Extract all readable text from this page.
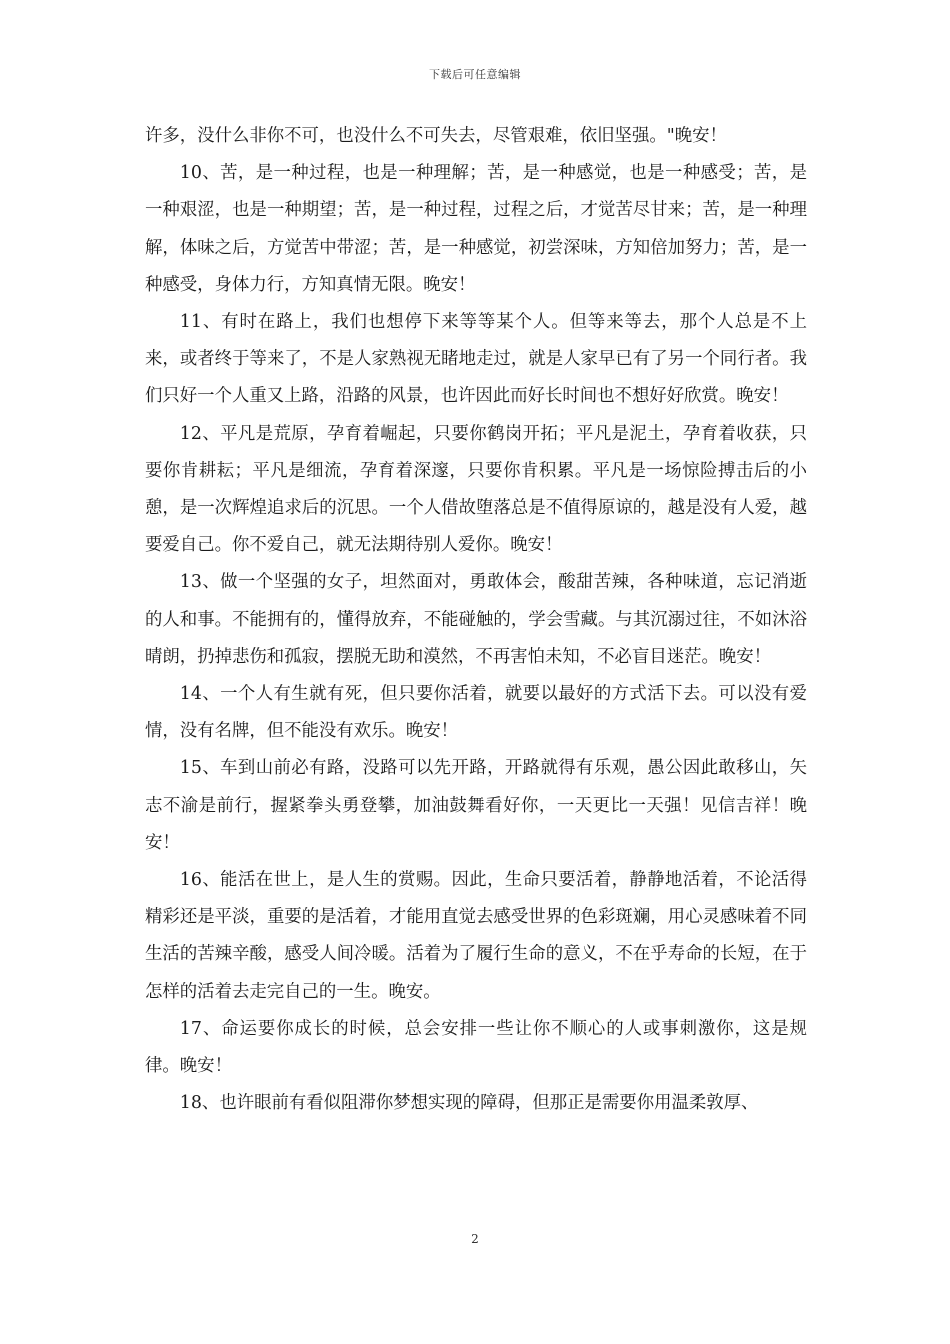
下载后可任意编辑

许多，没什么非你不可，也没什么不可失去，尽管艰难，依旧坚强。"晚安！

10、苦，是一种过程，也是一种理解；苦，是一种感觉，也是一种感受；苦，是一种艰涩，也是一种期望；苦，是一种过程，过程之后，才觉苦尽甘来；苦，是一种理解，体味之后，方觉苦中带涩；苦，是一种感觉，初尝深味，方知倍加努力；苦，是一种感受，身体力行，方知真情无限。晚安！

11、有时在路上，我们也想停下来等等某个人。但等来等去，那个人总是不上来，或者终于等来了，不是人家熟视无睹地走过，就是人家早已有了另一个同行者。我们只好一个人重又上路，沿路的风景，也许因此而好长时间也不想好好欣赏。晚安！

12、平凡是荒原，孕育着崛起，只要你鹤岗开拓；平凡是泥土，孕育着收获，只要你肯耕耘；平凡是细流，孕育着深邃，只要你肯积累。平凡是一场惊险搏击后的小憩，是一次辉煌追求后的沉思。一个人借故堕落总是不值得原谅的，越是没有人爱，越要爱自己。你不爱自己，就无法期待别人爱你。晚安！

13、做一个坚强的女子，坦然面对，勇敢体会，酸甜苦辣，各种味道，忘记消逝的人和事。不能拥有的，懂得放弃，不能碰触的，学会雪藏。与其沉溺过往，不如沐浴晴朗，扔掉悲伤和孤寂，摆脱无助和漠然，不再害怕未知，不必盲目迷茫。晚安！

14、一个人有生就有死，但只要你活着，就要以最好的方式活下去。可以没有爱情，没有名牌，但不能没有欢乐。晚安！

15、车到山前必有路，没路可以先开路，开路就得有乐观，愚公因此敢移山，矢志不渝是前行，握紧拳头勇登攀，加油鼓舞看好你，一天更比一天强！见信吉祥！晚安！

16、能活在世上，是人生的赏赐。因此，生命只要活着，静静地活着，不论活得精彩还是平淡，重要的是活着，才能用直觉去感受世界的色彩斑斓，用心灵感味着不同生活的苦辣辛酸，感受人间冷暖。活着为了履行生命的意义，不在乎寿命的长短，在于怎样的活着去走完自己的一生。晚安。

17、命运要你成长的时候，总会安排一些让你不顺心的人或事刺激你，这是规律。晚安！

18、也许眼前有看似阻滞你梦想实现的障碍，但那正是需要你用温柔敦厚、

2
